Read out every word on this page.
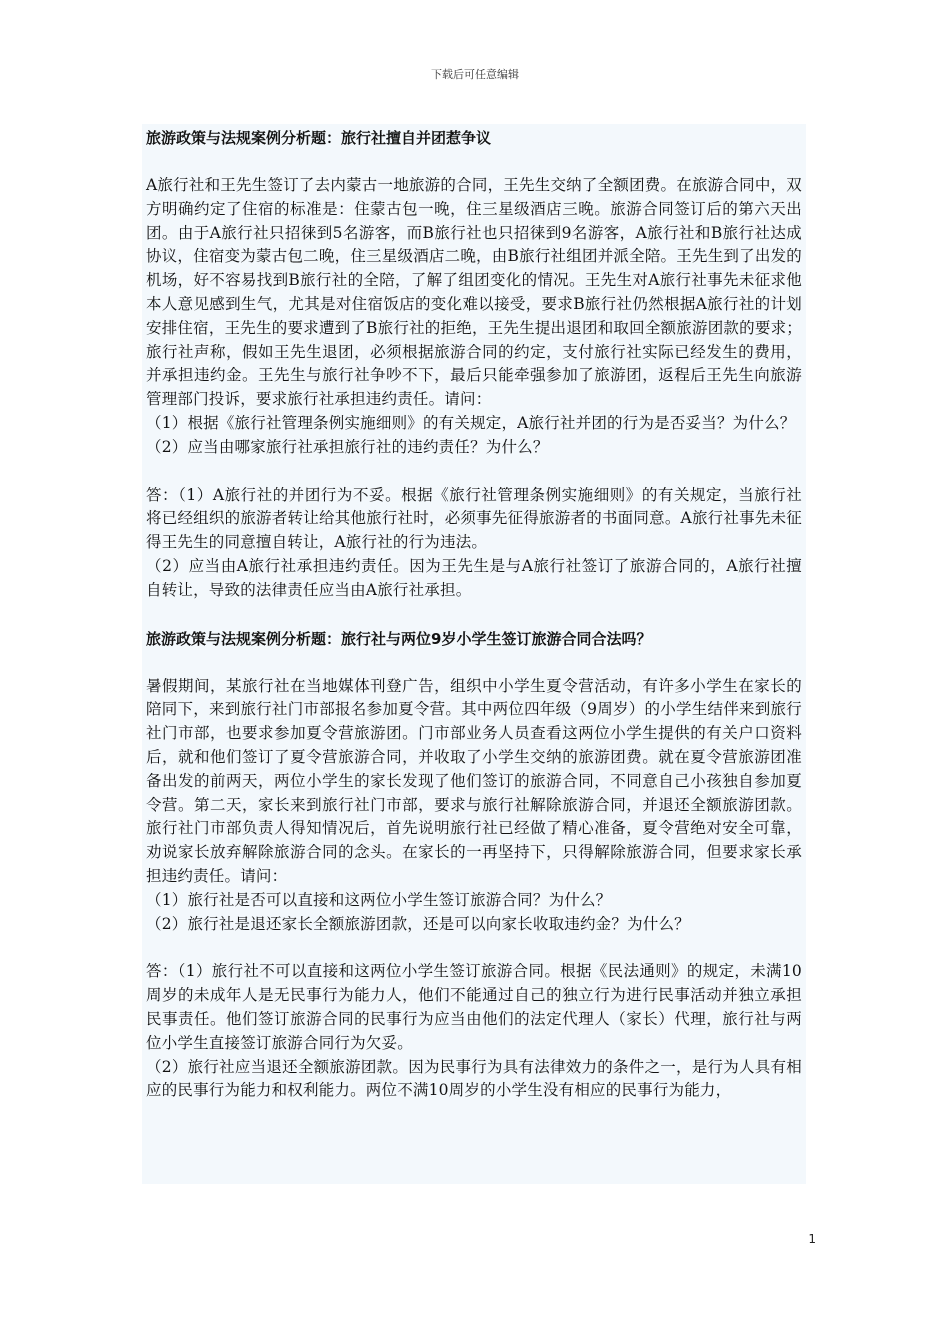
下载后可任意编辑
旅游政策与法规案例分析题：旅行社擅自并团惹争议

A旅行社和王先生签订了去内蒙古一地旅游的合同，王先生交纳了全额团费。在旅游合同中，双方明确约定了住宿的标准是：住蒙古包一晚，住三星级酒店三晚。旅游合同签订后的第六天出团。由于A旅行社只招徕到5名游客，而B旅行社也只招徕到9名游客，A旅行社和B旅行社达成协议，住宿变为蒙古包二晚，住三星级酒店二晚，由B旅行社组团并派全陪。王先生到了出发的机场，好不容易找到B旅行社的全陪，了解了组团变化的情况。王先生对A旅行社事先未征求他本人意见感到生气，尤其是对住宿饭店的变化难以接受，要求B旅行社仍然根据A旅行社的计划安排住宿，王先生的要求遭到了B旅行社的拒绝，王先生提出退团和取回全额旅游团款的要求；旅行社声称，假如王先生退团，必须根据旅游合同的约定，支付旅行社实际已经发生的费用，并承担违约金。王先生与旅行社争吵不下，最后只能牵强参加了旅游团，返程后王先生向旅游管理部门投诉，要求旅行社承担违约责任。请问：

（1）根据《旅行社管理条例实施细则》的有关规定，A旅行社并团的行为是否妥当？为什么？

（2）应当由哪家旅行社承担旅行社的违约责任？为什么？

答：（1）A旅行社的并团行为不妥。根据《旅行社管理条例实施细则》的有关规定，当旅行社将已经组织的旅游者转让给其他旅行社时，必须事先征得旅游者的书面同意。A旅行社事先未征得王先生的同意擅自转让，A旅行社的行为违法。

（2）应当由A旅行社承担违约责任。因为王先生是与A旅行社签订了旅游合同的，A旅行社擅自转让，导致的法律责任应当由A旅行社承担。

旅游政策与法规案例分析题：旅行社与两位9岁小学生签订旅游合同合法吗？

暑假期间，某旅行社在当地媒体刊登广告，组织中小学生夏令营活动，有许多小学生在家长的陪同下，来到旅行社门市部报名参加夏令营。其中两位四年级（9周岁）的小学生结伴来到旅行社门市部，也要求参加夏令营旅游团。门市部业务人员查看这两位小学生提供的有关户口资料后，就和他们签订了夏令营旅游合同，并收取了小学生交纳的旅游团费。就在夏令营旅游团准备出发的前两天，两位小学生的家长发现了他们签订的旅游合同，不同意自己小孩独自参加夏令营。第二天，家长来到旅行社门市部，要求与旅行社解除旅游合同，并退还全额旅游团款。旅行社门市部负责人得知情况后，首先说明旅行社已经做了精心准备，夏令营绝对安全可靠，劝说家长放弃解除旅游合同的念头。在家长的一再坚持下，只得解除旅游合同，但要求家长承担违约责任。请问：

（1）旅行社是否可以直接和这两位小学生签订旅游合同？为什么？

（2）旅行社是退还家长全额旅游团款，还是可以向家长收取违约金？为什么？

答：（1）旅行社不可以直接和这两位小学生签订旅游合同。根据《民法通则》的规定，未满10周岁的未成年人是无民事行为能力人，他们不能通过自己的独立行为进行民事活动并独立承担民事责任。他们签订旅游合同的民事行为应当由他们的法定代理人（家长）代理，旅行社与两位小学生直接签订旅游合同行为欠妥。

（2）旅行社应当退还全额旅游团款。因为民事行为具有法律效力的条件之一，是行为人具有相应的民事行为能力和权利能力。两位不满10周岁的小学生没有相应的民事行为能力，

1
